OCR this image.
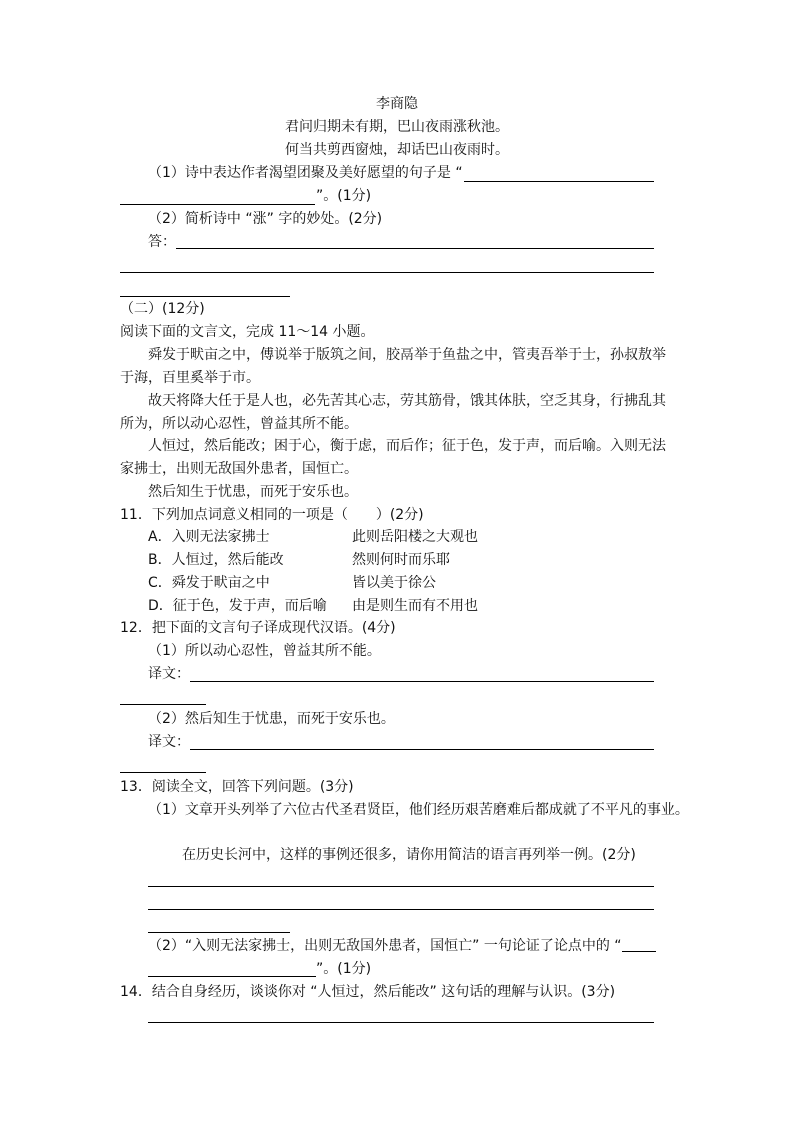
李商隐
君问归期未有期，巴山夜雨涨秋池。
何当共剪西窗烛，却话巴山夜雨时。
（1）诗中表达作者渴望团聚及美好愿望的句子是 “
”。(1分)
（2）简析诗中 “涨” 字的妙处。(2分)
答：
（二）(12分)
阅读下面的文言文，完成 11～14 小题。
舜发于畎亩之中，傅说举于版筑之间，胶鬲举于鱼盐之中，管夷吾举于士，孙叔敖举
于海，百里奚举于市。
故天将降大任于是人也，必先苦其心志，劳其筋骨，饿其体肤，空乏其身，行拂乱其
所为，所以动心忍性，曾益其所不能。
人恒过，然后能改；困于心，衡于虑，而后作；征于色，发于声，而后喻。入则无法
家拂士，出则无敌国外患者，国恒亡。
然后知生于忧患，而死于安乐也。
11．下列加点词意义相同的一项是（　　）(2分)
A．入则无法家拂士	此则岳阳楼之大观也
B．人恒过，然后能改	然则何时而乐耶
C．舜发于畎亩之中	皆以美于徐公
D．征于色，发于声，而后喻 由是则生而有不用也
12．把下面的文言句子译成现代汉语。(4分)
（1）所以动心忍性，曾益其所不能。
译文：
（2）然后知生于忧患，而死于安乐也。
译文：
13．阅读全文，回答下列问题。(3分)
（1）文章开头列举了六位古代圣君贤臣，他们经历艰苦磨难后都成就了不平凡的事业。
在历史长河中，这样的事例还很多，请你用简洁的语言再列举一例。(2分)
（2）“入则无法家拂士，出则无敌国外患者，国恒亡” 一句论证了论点中的 “
”。(1分)
14．结合自身经历，谈谈你对 “人恒过，然后能改” 这句话的理解与认识。(3分)
